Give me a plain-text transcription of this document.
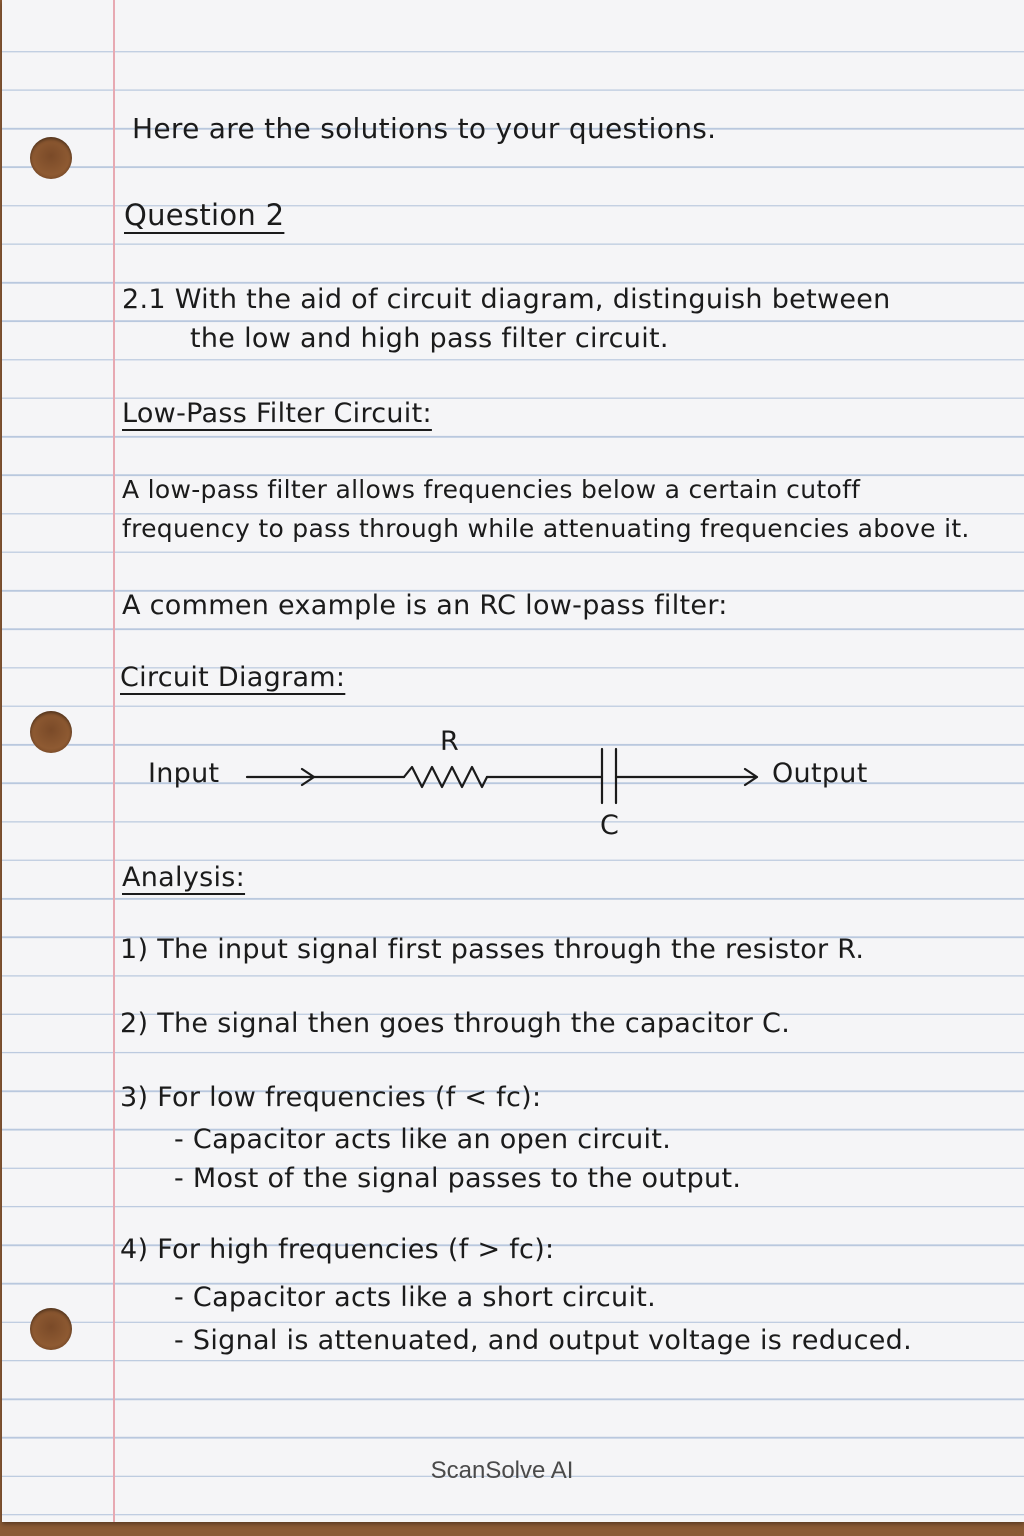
Here are the solutions to your questions.
Question 2
2.1 With the aid of circuit diagram, distinguish between
the low and high pass filter circuit.
Low-Pass Filter Circuit:
A low-pass filter allows frequencies below a certain cutoff
frequency to pass through while attenuating frequencies above it.
A commen example is an RC low-pass filter:
Circuit Diagram:
Input
R
C
Output
Analysis:
1) The input signal first passes through the resistor R.
2) The signal then goes through the capacitor C.
3) For low frequencies (f < fc):
- Capacitor acts like an open circuit.
- Most of the signal passes to the output.
4) For high frequencies (f > fc):
- Capacitor acts like a short circuit.
- Signal is attenuated, and output voltage is reduced.
ScanSolve AI
